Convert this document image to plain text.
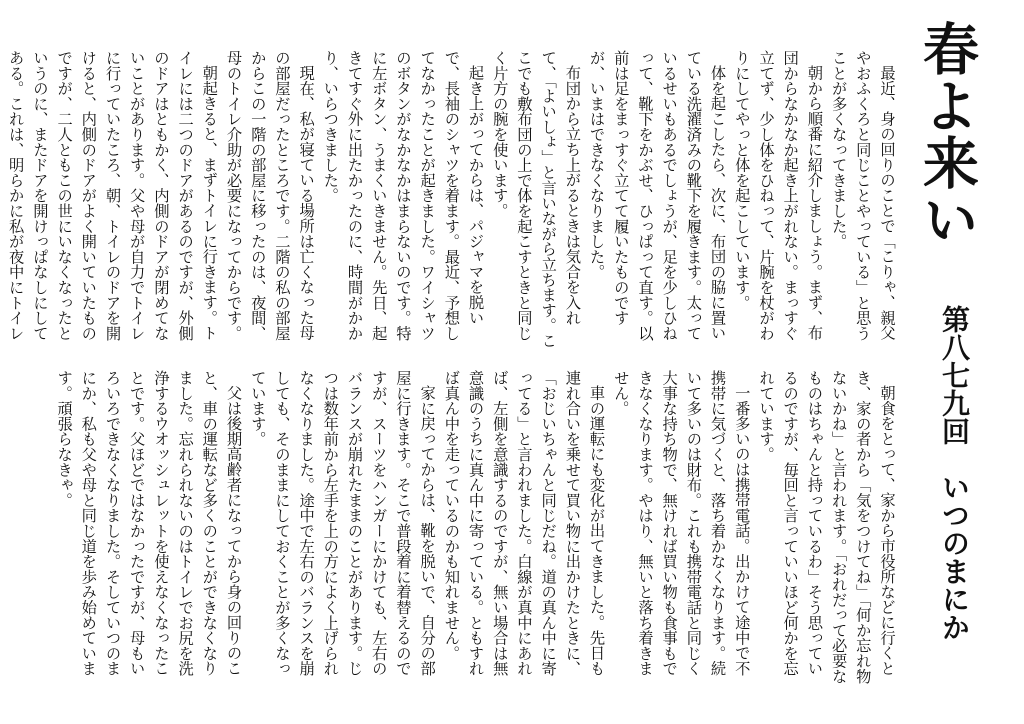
春よ来い
第八七九回いつのまにか

最近、身の回りのことで「こりゃ、親父やおふくろと同じことやっている」と思うことが多くなってきました。

朝から順番に紹介しましょう。まず、布団からなかなか起き上がれない。まっすぐ立てず、少し体をひねって、片腕を杖がわりにしてやっと体を起こしています。

体を起こしたら、次に、布団の脇に置いている洗濯済みの靴下を履きます。太っているせいもあるでしょうが、足を少しひねって、靴下をかぶせ、ひっぱって直す。以前は足をまっすぐ立てて履いたものですが、いまはできなくなりました。

布団から立ち上がるときは気合を入れて、「よいしょ」と言いながら立ちます。ここでも敷布団の上で体を起こすときと同じく片方の腕を使います。

起き上がってからは、パジャマを脱いで、長袖のシャツを着ます。最近、予想してなかったことが起きました。ワイシャツのボタンがなかなかはまらないのです。特に左ボタン、うまくいきません。先日、起きてすぐ外に出たかったのに、時間がかかり、いらつきました。

現在、私が寝ている場所は亡くなった母の部屋だったところです。二階の私の部屋からこの一階の部屋に移ったのは、夜間、母のトイレ介助が必要になってからです。

朝起きると、まずトイレに行きます。トイレには二つのドアがあるのですが、外側のドアはともかく、内側のドアが閉めてないことがあります。父や母が自力でトイレに行っていたころ、朝、トイレのドアを開けると、内側のドアがよく開いていたものですが、二人ともこの世にいなくなったというのに、またドアを開けっぱなしにしてある。これは、明らかに私が夜中にトイレ

朝食をとって、家から市役所などに行くとき、家の者から「気をつけてね」「何か忘れ物ないかね」と言われます。「おれだって必要なものはちゃんと持っているわ」そう思っているのですが、毎回と言っていいほど何かを忘れています。

一番多いのは携帯電話。出かけて途中で不携帯に気づくと、落ち着かなくなります。続いて多いのは財布。これも携帯電話と同じく大事な持ち物で、無ければ買い物も食事もできなくなります。やはり、無いと落ち着きません。

車の運転にも変化が出てきました。先日も連れ合いを乗せて買い物に出かけたときに、「おじいちゃんと同じだね。道の真ん中に寄ってる」と言われました。白線が真中にあれば、左側を意識するのですが、無い場合は無意識のうちに真ん中に寄っている。ともすれば真ん中を走っているのかも知れません。

家に戻ってからは、靴を脱いで、自分の部屋に行きます。そこで普段着に着替えるのですが、スーツをハンガーにかけても、左右のバランスが崩れたままのことがあります。じつは数年前から左手を上の方によく上げられなくなりました。途中で左右のバランスを崩しても、そのままにしておくことが多くなっています。

父は後期高齢者になってから身の回りのこと、車の運転など多くのことができなくなりました。忘れられないのはトイレでお尻を洗浄するウオッシュレットを使えなくなったことです。父ほどではなかったですが、母もいろいろできなくなりました。そしていつのまにか、私も父や母と同じ道を歩み始めています。頑張らなきゃ。
